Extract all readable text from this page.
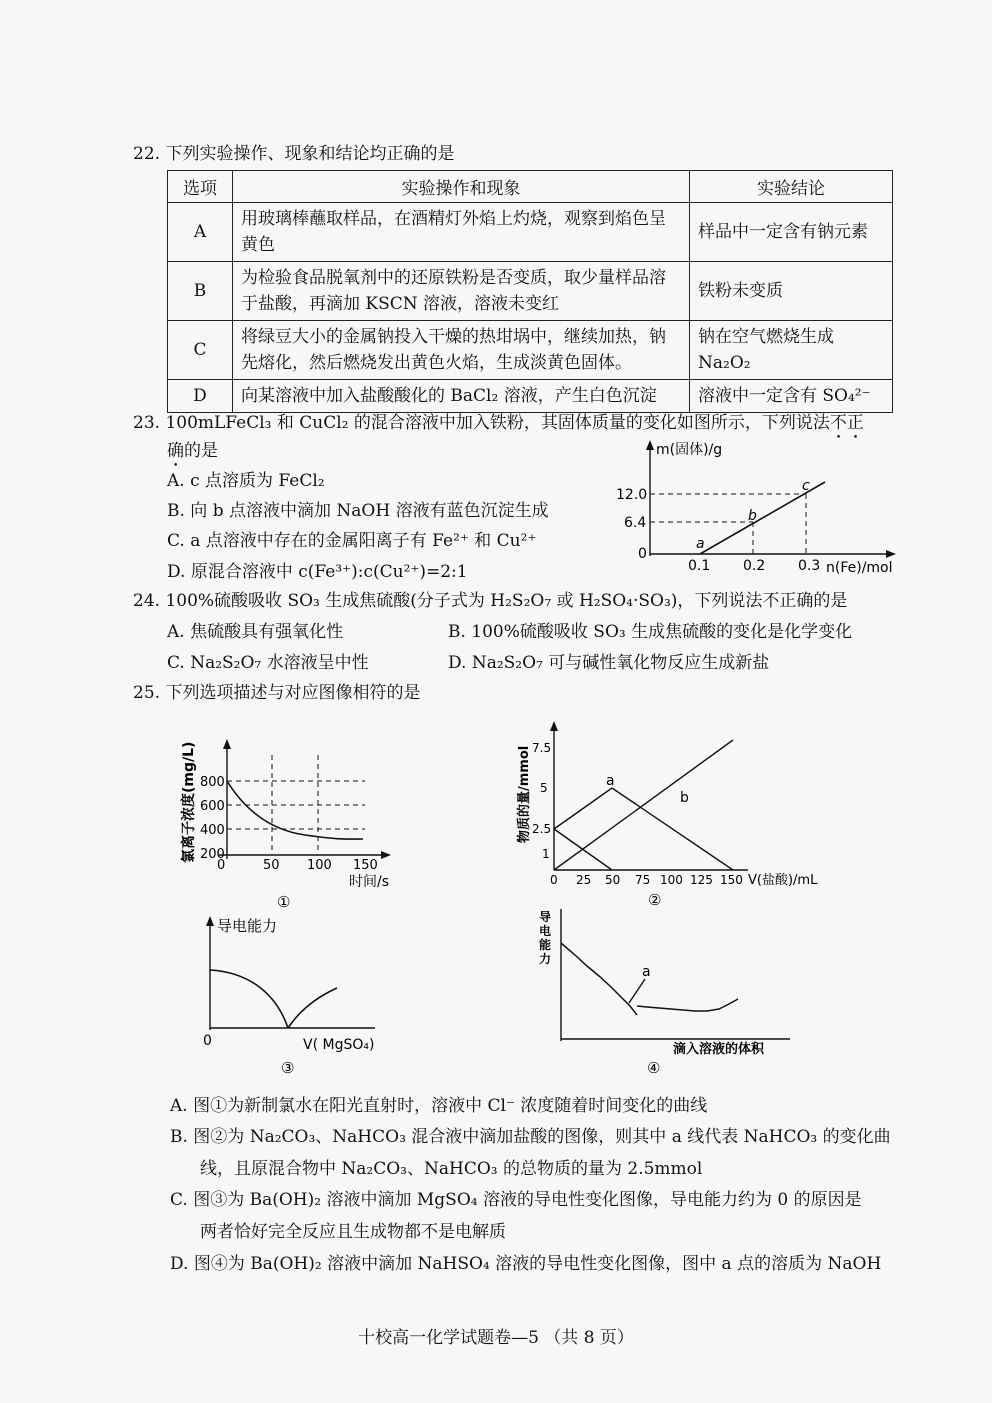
22. 下列实验操作、现象和结论均正确的是
选项	实验操作和现象	实验结论
A	用玻璃棒蘸取样品，在酒精灯外焰上灼烧，观察到焰色呈黄色	样品中一定含有钠元素
B	为检验食品脱氧剂中的还原铁粉是否变质，取少量样品溶于盐酸，再滴加 KSCN 溶液，溶液未变红	铁粉未变质
C	将绿豆大小的金属钠投入干燥的热坩埚中，继续加热，钠先熔化，然后燃烧发出黄色火焰，生成淡黄色固体。	钠在空气燃烧生成 Na₂O₂
D	向某溶液中加入盐酸酸化的 BaCl₂ 溶液，产生白色沉淀	溶液中一定含有 SO₄²⁻
23. 100mLFeCl₃ 和 CuCl₂ 的混合溶液中加入铁粉，其固体质量的变化如图所示，下列说法不正
确的是
A. c 点溶质为 FeCl₂
B. 向 b 点溶液中滴加 NaOH 溶液有蓝色沉淀生成
C. a 点溶液中存在的金属阳离子有 Fe²⁺ 和 Cu²⁺
D. 原混合溶液中 c(Fe³⁺):c(Cu²⁺)=2:1
m(固体)/g
n(Fe)/mol
12.0
6.4
0
0.1 0.2 0.3
a
b
c
24. 100%硫酸吸收 SO₃ 生成焦硫酸(分子式为 H₂S₂O₇ 或 H₂SO₄·SO₃)，下列说法不正确的是
A. 焦硫酸具有强氧化性	B. 100%硫酸吸收 SO₃ 生成焦硫酸的变化是化学变化
C. Na₂S₂O₇ 水溶液呈中性	D. Na₂S₂O₇ 可与碱性氧化物反应生成新盐
25. 下列选项描述与对应图像相符的是
氯离子浓度(mg/L) 800
600
400
200
0	50 100 150
时间/s
①
物质的量/mmol 7.5
5
2.5
1
0 25 50 75 100 125 150 V(盐酸)/mL
a
b
②
导电能力
0	V( MgSO₄)
③
导
电
能
力
滴入溶液的体积
a
④
A. 图①为新制氯水在阳光直射时，溶液中 Cl⁻ 浓度随着时间变化的曲线
B. 图②为 Na₂CO₃、NaHCO₃ 混合液中滴加盐酸的图像，则其中 a 线代表 NaHCO₃ 的变化曲
线，且原混合物中 Na₂CO₃、NaHCO₃ 的总物质的量为 2.5mmol
C. 图③为 Ba(OH)₂ 溶液中滴加 MgSO₄ 溶液的导电性变化图像，导电能力约为 0 的原因是
两者恰好完全反应且生成物都不是电解质
D. 图④为 Ba(OH)₂ 溶液中滴加 NaHSO₄ 溶液的导电性变化图像，图中 a 点的溶质为 NaOH
十校高一化学试题卷—5 （共 8 页）
